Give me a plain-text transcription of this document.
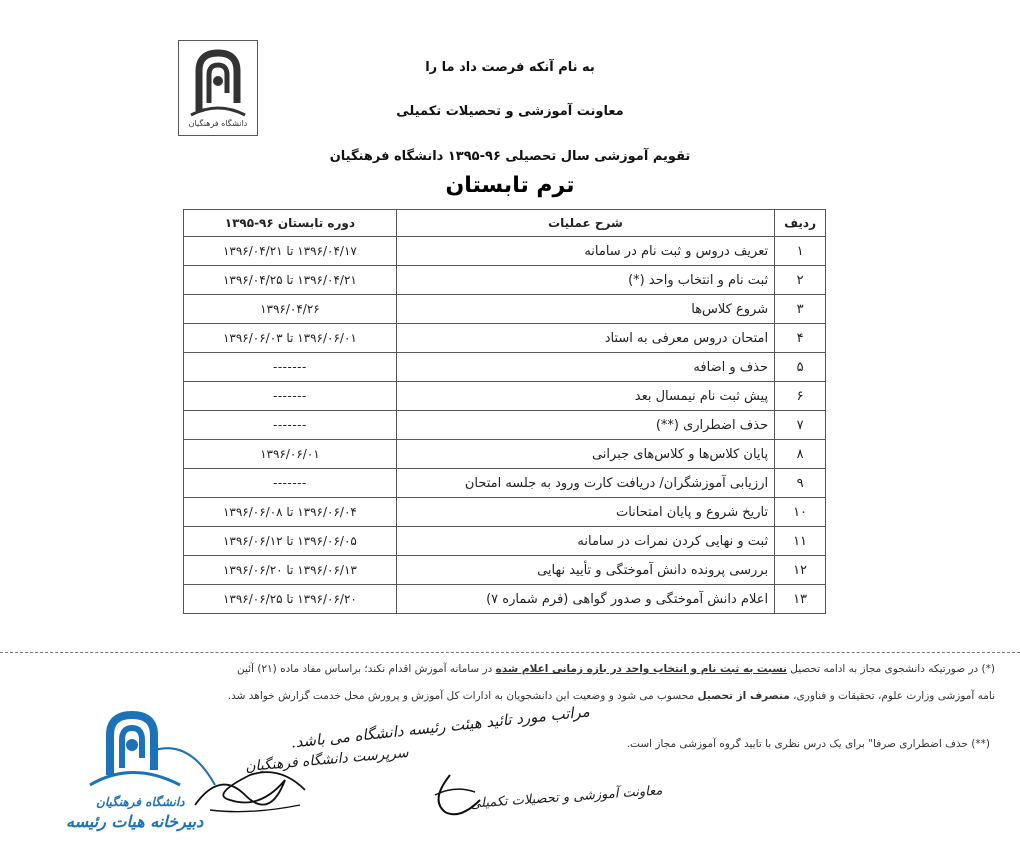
دانشگاه فرهنگیان
به نام آنکه فرصت داد ما را
معاونت آموزشی و تحصیلات تکمیلی
تقویم آموزشی سال تحصیلی ۹۶-۱۳۹۵ دانشگاه فرهنگیان
ترم تابستان
ردیف	شرح عملیات	دوره تابستان ۹۶-۱۳۹۵
۱	تعریف دروس و ثبت نام در سامانه	۱۳۹۶/۰۴/۱۷ تا ۱۳۹۶/۰۴/۲۱
۲	ثبت نام و انتخاب واحد (*)	۱۳۹۶/۰۴/۲۱ تا ۱۳۹۶/۰۴/۲۵
۳	شروع کلاس‌ها	۱۳۹۶/۰۴/۲۶
۴	امتحان دروس معرفی به استاد	۱۳۹۶/۰۶/۰۱ تا ۱۳۹۶/۰۶/۰۳
۵	حذف و اضافه	-------
۶	پیش ثبت نام نیمسال بعد	-------
۷	حذف اضطراری (**)	-------
۸	پایان کلاس‌ها و کلاس‌های جبرانی	۱۳۹۶/۰۶/۰۱
۹	ارزیابی آموزشگران/ دریافت کارت ورود به جلسه امتحان	-------
۱۰	تاریخ شروع و پایان امتحانات	۱۳۹۶/۰۶/۰۴ تا ۱۳۹۶/۰۶/۰۸
۱۱	ثبت و نهایی کردن نمرات در سامانه	۱۳۹۶/۰۶/۰۵ تا ۱۳۹۶/۰۶/۱۲
۱۲	بررسی پرونده دانش آموختگی و تأیید نهایی	۱۳۹۶/۰۶/۱۳ تا ۱۳۹۶/۰۶/۲۰
۱۳	اعلام دانش آموختگی و صدور گواهی (فرم شماره ۷)	۱۳۹۶/۰۶/۲۰ تا ۱۳۹۶/۰۶/۲۵
(*) در صورتیکه دانشجوی مجاز به ادامه تحصیل نسبت به ثبت نام و انتخاب واحد در بازه زمانی اعلام شده در سامانه آموزش اقدام نکند؛ براساس مفاد ماده (۲۱) آئین
نامه آموزشی وزارت علوم، تحقیقات و فناوری، منصرف از تحصیل محسوب می شود و وضعیت این دانشجویان به ادارات کل آموزش و پرورش محل خدمت گزارش خواهد شد.
(**) حذف اضطراری صرفا" برای یک درس نظری با تایید گروه آموزشی مجاز است.
مراتب مورد تائید هیئت رئیسه دانشگاه می باشد.
سرپرست دانشگاه فرهنگیان
معاونت آموزشی و تحصیلات تکمیلی
دانشگاه فرهنگیان
دبیرخانه هیات رئیسه
